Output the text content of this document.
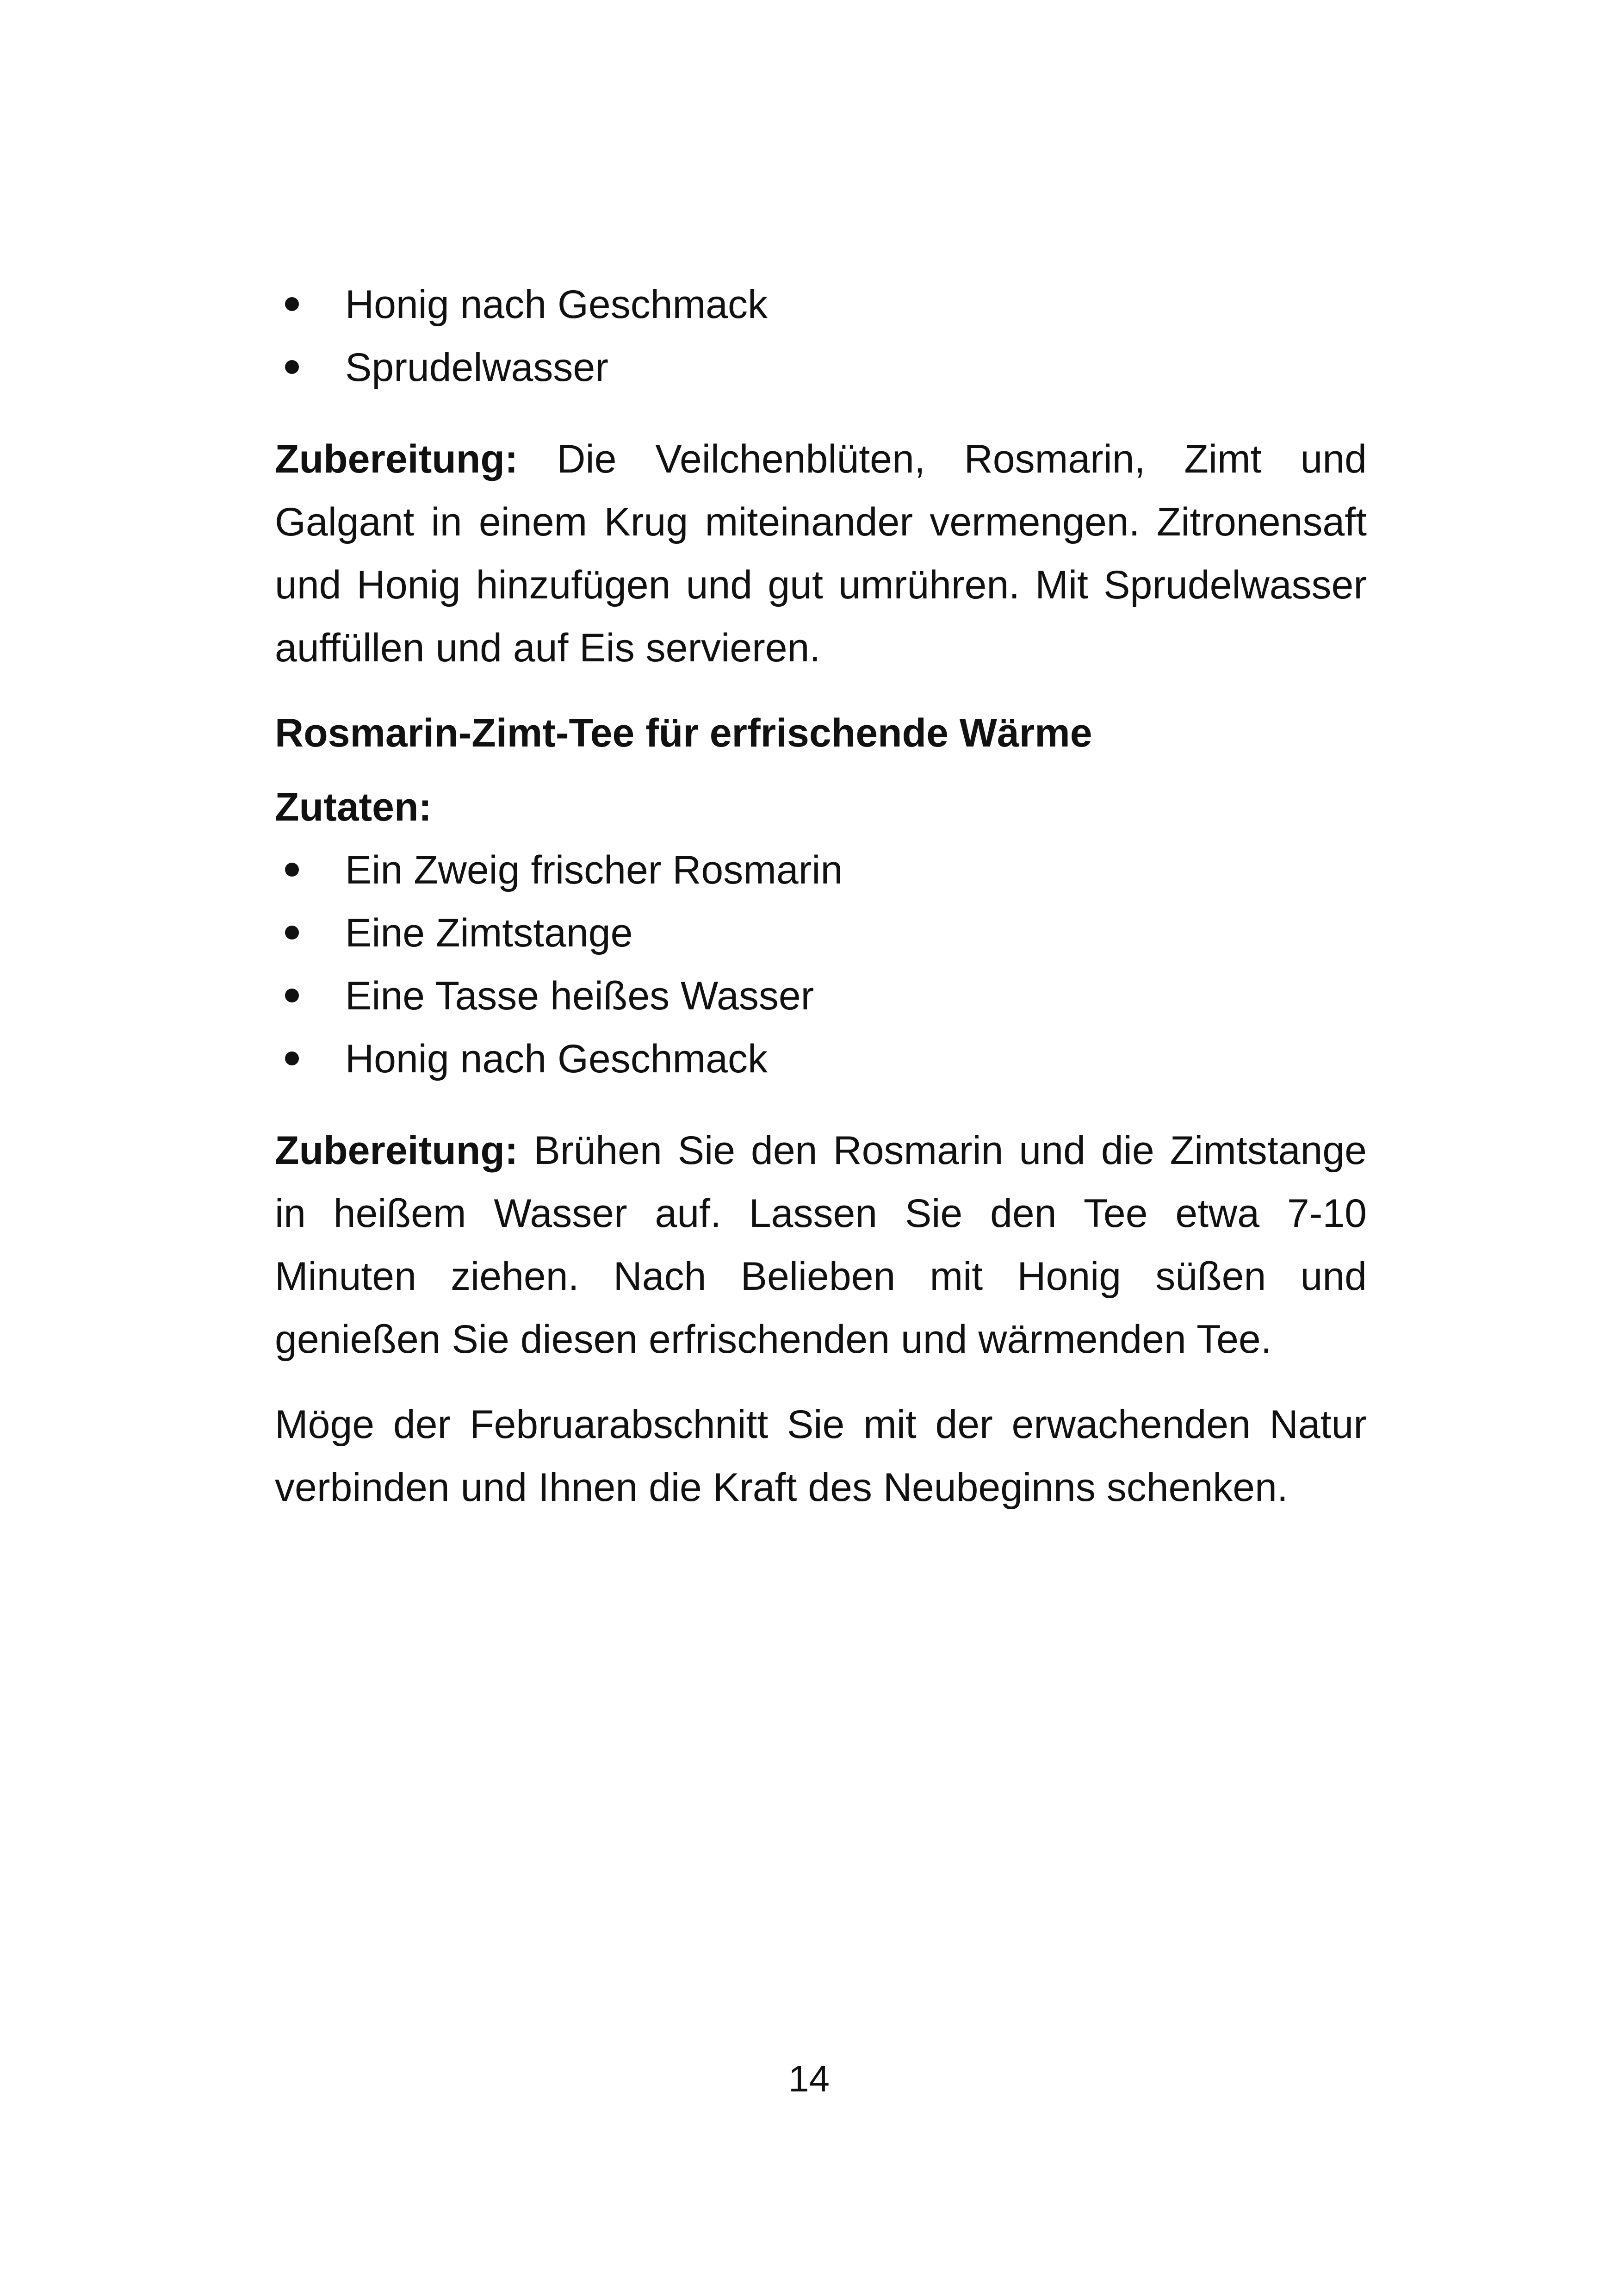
Honig nach Geschmack
Sprudelwasser

Zubereitung: Die Veilchenblüten, Rosmarin, Zimt und Galgant in einem Krug miteinander vermengen. Zitronensaft und Honig hinzufügen und gut umrühren. Mit Sprudelwasser auffüllen und auf Eis servieren.

Rosmarin-Zimt-Tee für erfrischende Wärme

Zutaten:

Ein Zweig frischer Rosmarin
Eine Zimtstange
Eine Tasse heißes Wasser
Honig nach Geschmack

Zubereitung: Brühen Sie den Rosmarin und die Zimtstange in heißem Wasser auf. Lassen Sie den Tee etwa 7-10 Minuten ziehen. Nach Belieben mit Honig süßen und genießen Sie diesen erfrischenden und wärmenden Tee.

Möge der Februarabschnitt Sie mit der erwachenden Natur verbinden und Ihnen die Kraft des Neubeginns schenken.

14
